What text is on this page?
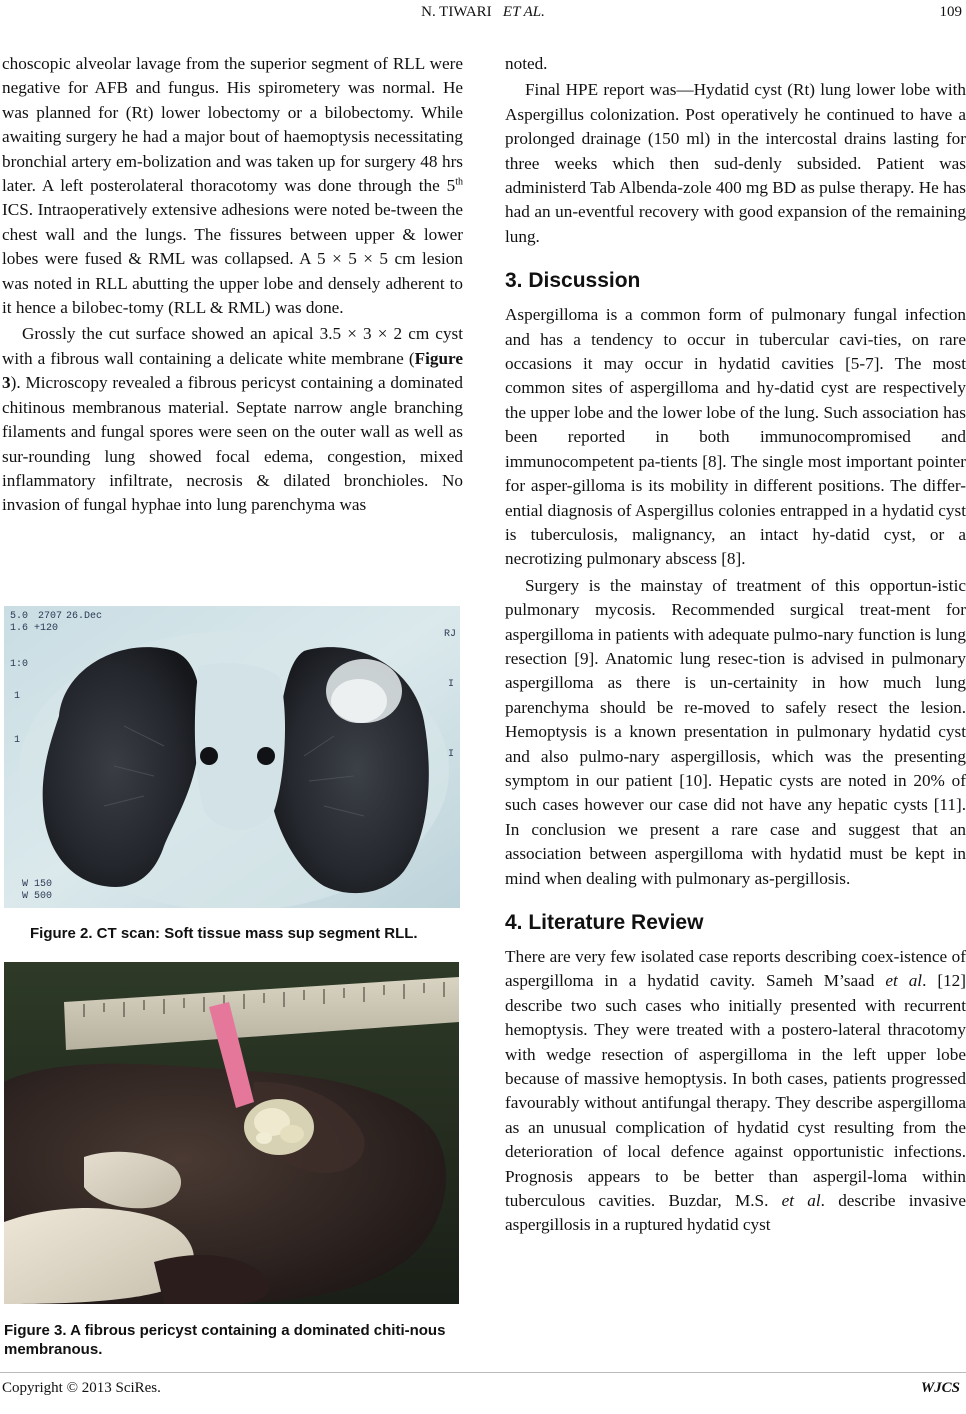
N. TIWARI ET AL.	109

choscopic alveolar lavage from the superior segment of RLL were negative for AFB and fungus. His spirometery was normal. He was planned for (Rt) lower lobectomy or a bilobectomy. While awaiting surgery he had a major bout of haemoptysis necessitating bronchial artery em-bolization and was taken up for surgery 48 hrs later. A left posterolateral thoracotomy was done through the 5th ICS. Intraoperatively extensive adhesions were noted be-tween the chest wall and the lungs. The fissures between upper & lower lobes were fused & RML was collapsed. A 5 × 5 × 5 cm lesion was noted in RLL abutting the upper lobe and densely adherent to it hence a bilobec-tomy (RLL & RML) was done.

Grossly the cut surface showed an apical 3.5 × 3 × 2 cm cyst with a fibrous wall containing a delicate white membrane (Figure 3). Microscopy revealed a fibrous pericyst containing a dominated chitinous membranous material. Septate narrow angle branching filaments and fungal spores were seen on the outer wall as well as sur-rounding lung showed focal edema, congestion, mixed inflammatory infiltrate, necrosis & dilated bronchioles. No invasion of fungal hyphae into lung parenchyma was

5.0
1.6 +120
2707 26.Dec
RJ
1:0
1
1
W 150
W 500
I
I
Figure 2. CT scan: Soft tissue mass sup segment RLL.
Figure 3. A fibrous pericyst containing a dominated chiti-nous membranous.

noted.

Final HPE report was—Hydatid cyst (Rt) lung lower lobe with Aspergillus colonization. Post operatively he continued to have a prolonged drainage (150 ml) in the intercostal drains lasting for three weeks which then sud-denly subsided. Patient was administerd Tab Albenda-zole 400 mg BD as pulse therapy. He has had an un-eventful recovery with good expansion of the remaining lung.

3. Discussion

Aspergilloma is a common form of pulmonary fungal infection and has a tendency to occur in tubercular cavi-ties, on rare occasions it may occur in hydatid cavities [5-7]. The most common sites of aspergilloma and hy-datid cyst are respectively the upper lobe and the lower lobe of the lung. Such association has been reported in both immunocompromised and immunocompetent pa-tients [8]. The single most important pointer for asper-gilloma is its mobility in different positions. The differ-ential diagnosis of Aspergillus colonies entrapped in a hydatid cyst is tuberculosis, malignancy, an intact hy-datid cyst, or a necrotizing pulmonary abscess [8].

Surgery is the mainstay of treatment of this opportun-istic pulmonary mycosis. Recommended surgical treat-ment for aspergilloma in patients with adequate pulmo-nary function is lung resection [9]. Anatomic lung resec-tion is advised in pulmonary aspergilloma as there is un-certainity in how much lung parenchyma should be re-moved to safely resect the lesion. Hemoptysis is a known presentation in pulmonary hydatid cyst and also pulmo-nary aspergillosis, which was the presenting symptom in our patient [10]. Hepatic cysts are noted in 20% of such cases however our case did not have any hepatic cysts [11]. In conclusion we present a rare case and suggest that an association between aspergilloma with hydatid must be kept in mind when dealing with pulmonary as-pergillosis.

4. Literature Review

There are very few isolated case reports describing coex-istence of aspergilloma in a hydatid cavity. Sameh M’saad et al. [12] describe two such cases who initially presented with recurrent hemoptysis. They were treated with a postero-lateral thracotomy with wedge resection of aspergilloma in the left upper lobe because of massive hemoptysis. In both cases, patients progressed favourably without antifungal therapy. They describe aspergilloma as an unusual complication of hydatid cyst resulting from the deterioration of local defence against opportunistic infections. Prognosis appears to be better than aspergil-loma within tuberculous cavities. Buzdar, M.S. et al. describe invasive aspergillosis in a ruptured hydatid cyst

Copyright © 2013 SciRes.	WJCS
